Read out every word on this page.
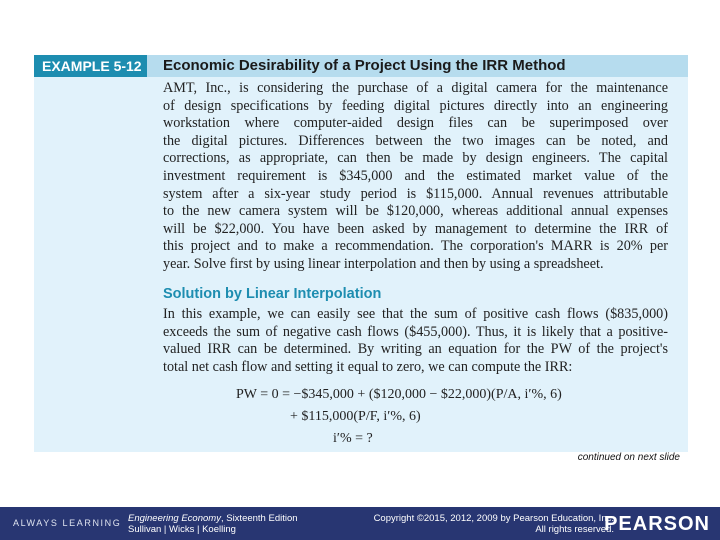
EXAMPLE 5-12	Economic Desirability of a Project Using the IRR Method
AMT, Inc., is considering the purchase of a digital camera for the maintenance
of design specifications by feeding digital pictures directly into an engineering
workstation where computer-aided design files can be superimposed over
the digital pictures. Differences between the two images can be noted, and
corrections, as appropriate, can then be made by design engineers. The capital
investment requirement is $345,000 and the estimated market value of the
system after a six-year study period is $115,000. Annual revenues attributable
to the new camera system will be $120,000, whereas additional annual expenses
will be $22,000. You have been asked by management to determine the IRR of
this project and to make a recommendation. The corporation's MARR is 20% per
year. Solve first by using linear interpolation and then by using a spreadsheet.
Solution by Linear Interpolation
In this example, we can easily see that the sum of positive cash flows ($835,000)
exceeds the sum of negative cash flows ($455,000). Thus, it is likely that a positive-
valued IRR can be determined. By writing an equation for the PW of the project's
total net cash flow and setting it equal to zero, we can compute the IRR:
PW = 0 = −$345,000 + ($120,000 − $22,000)(P/A, i′%, 6)
+ $115,000(P/F, i′%, 6)
i′% = ?
continued on next slide
ALWAYS LEARNING Engineering Economy, Sixteenth Edition
Sullivan | Wicks | Koelling
Copyright ©2015, 2012, 2009 by Pearson Education, Inc.
All rights reserved.
PEARSON
